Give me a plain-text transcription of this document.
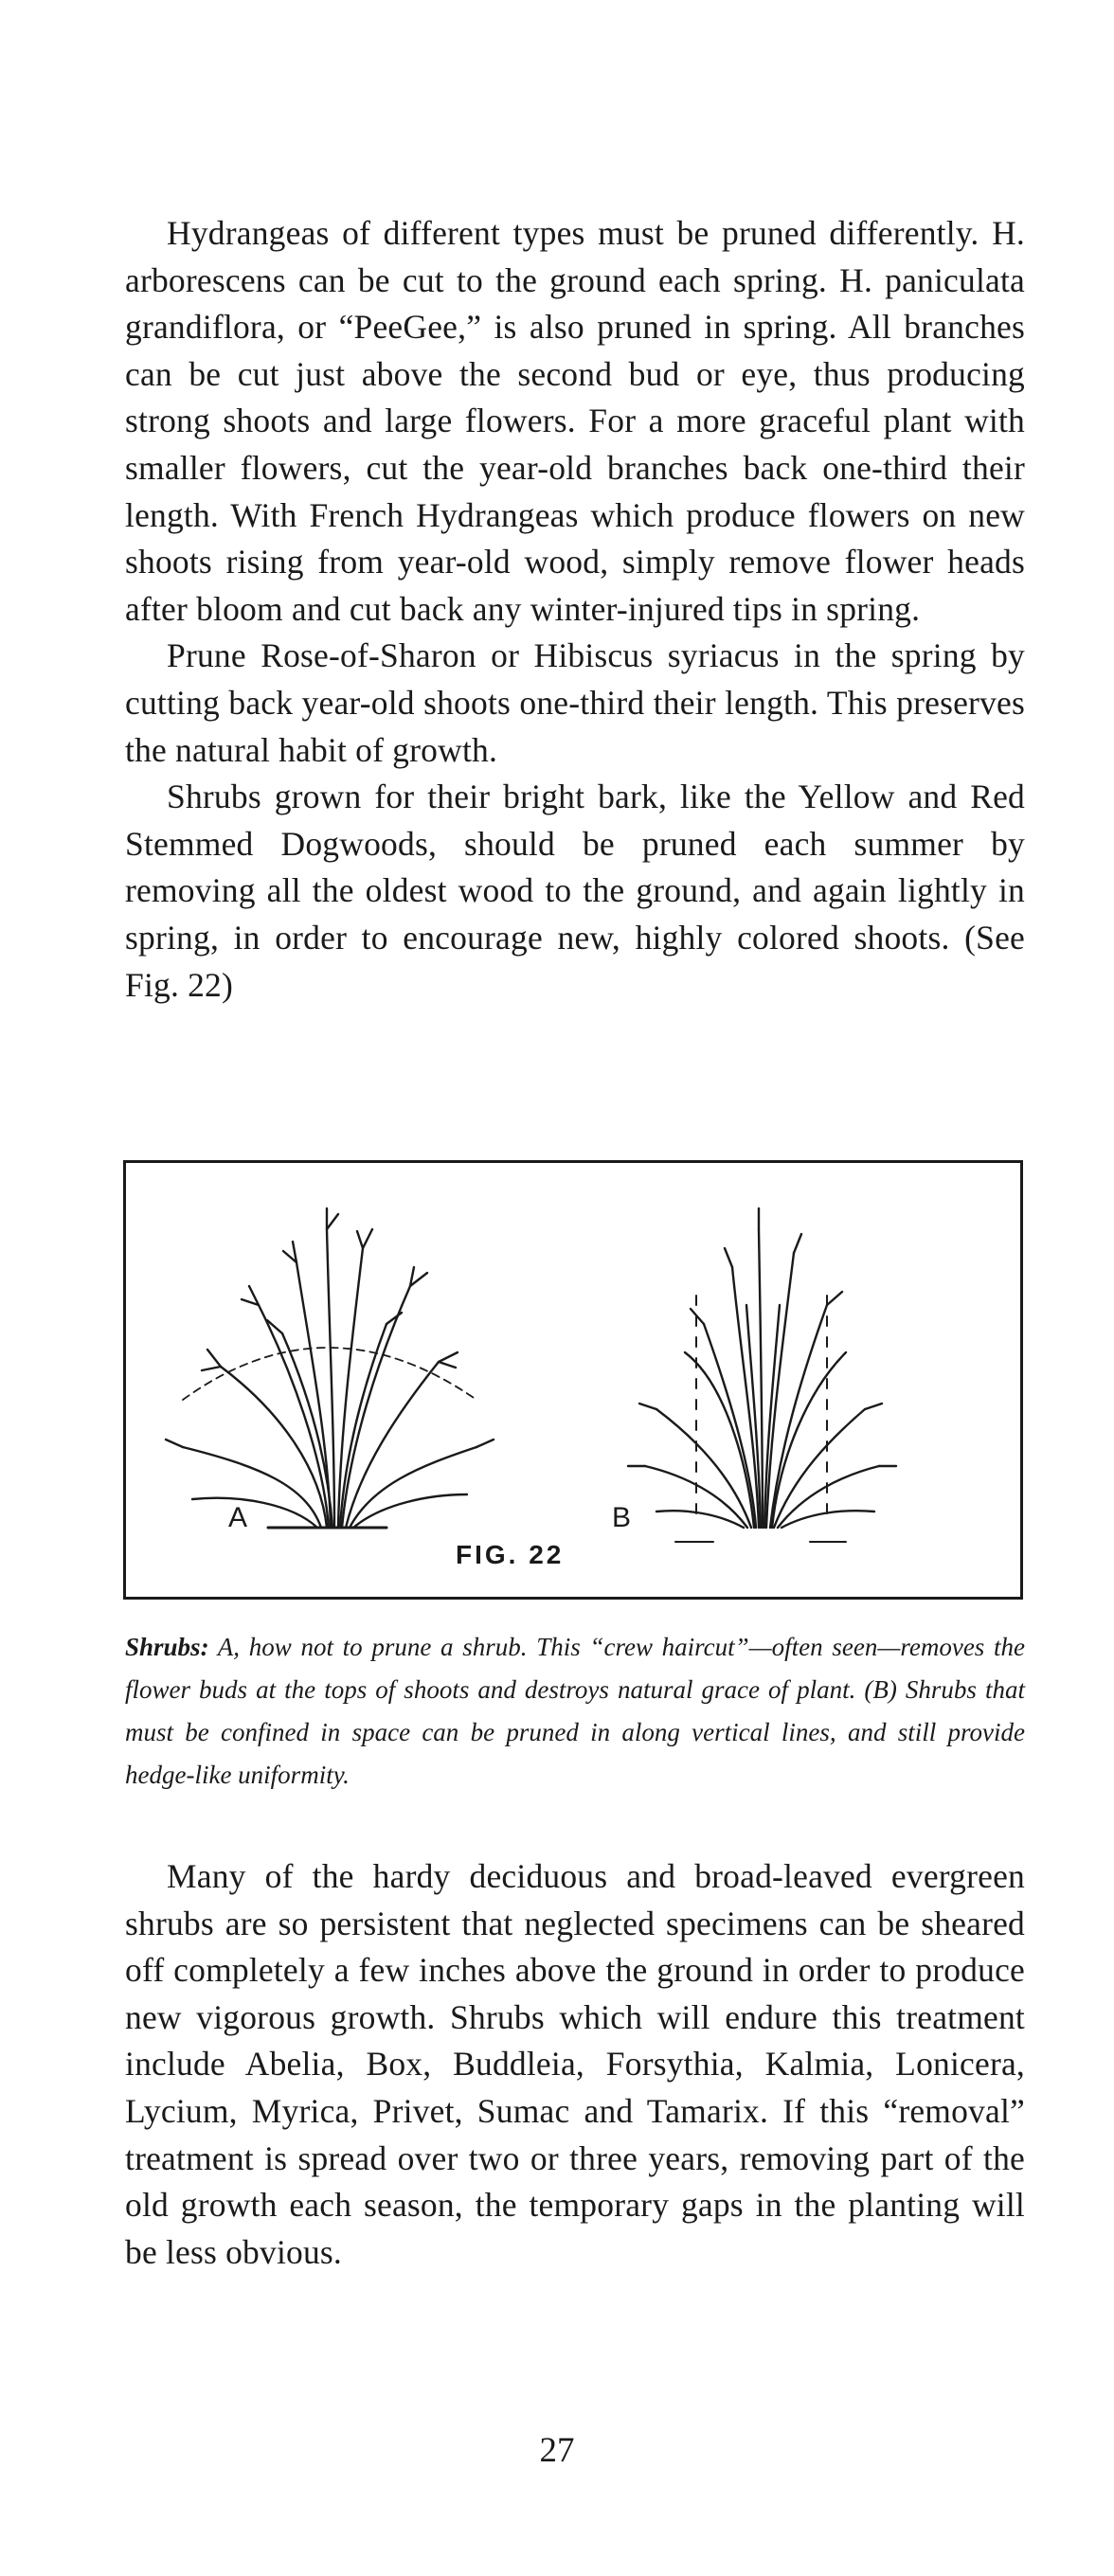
Hydrangeas of different types must be pruned differently. H. arborescens can be cut to the ground each spring. H. paniculata grandiflora, or “PeeGee,” is also pruned in spring. All branches can be cut just above the second bud or eye, thus producing strong shoots and large flowers. For a more graceful plant with smaller flowers, cut the year-old branches back one-third their length. With French Hydrangeas which produce flowers on new shoots rising from year-old wood, simply remove flower heads after bloom and cut back any winter-injured tips in spring.

Prune Rose-of-Sharon or Hibiscus syriacus in the spring by cutting back year-old shoots one-third their length. This preserves the natural habit of growth.

Shrubs grown for their bright bark, like the Yellow and Red Stemmed Dogwoods, should be pruned each summer by removing all the oldest wood to the ground, and again lightly in spring, in order to encourage new, highly colored shoots. (See Fig. 22)

A	B
FIG. 22
Shrubs: A, how not to prune a shrub. This “crew haircut”—often seen—removes the flower buds at the tops of shoots and destroys natural grace of plant. (B) Shrubs that must be confined in space can be pruned in along vertical lines, and still provide hedge-like uniformity.

Many of the hardy deciduous and broad-leaved evergreen shrubs are so persistent that neglected specimens can be sheared off completely a few inches above the ground in order to produce new vigorous growth. Shrubs which will endure this treatment include Abelia, Box, Buddleia, Forsythia, Kalmia, Lonicera, Lycium, Myrica, Privet, Sumac and Tamarix. If this “removal” treatment is spread over two or three years, removing part of the old growth each season, the temporary gaps in the planting will be less obvious.

27
